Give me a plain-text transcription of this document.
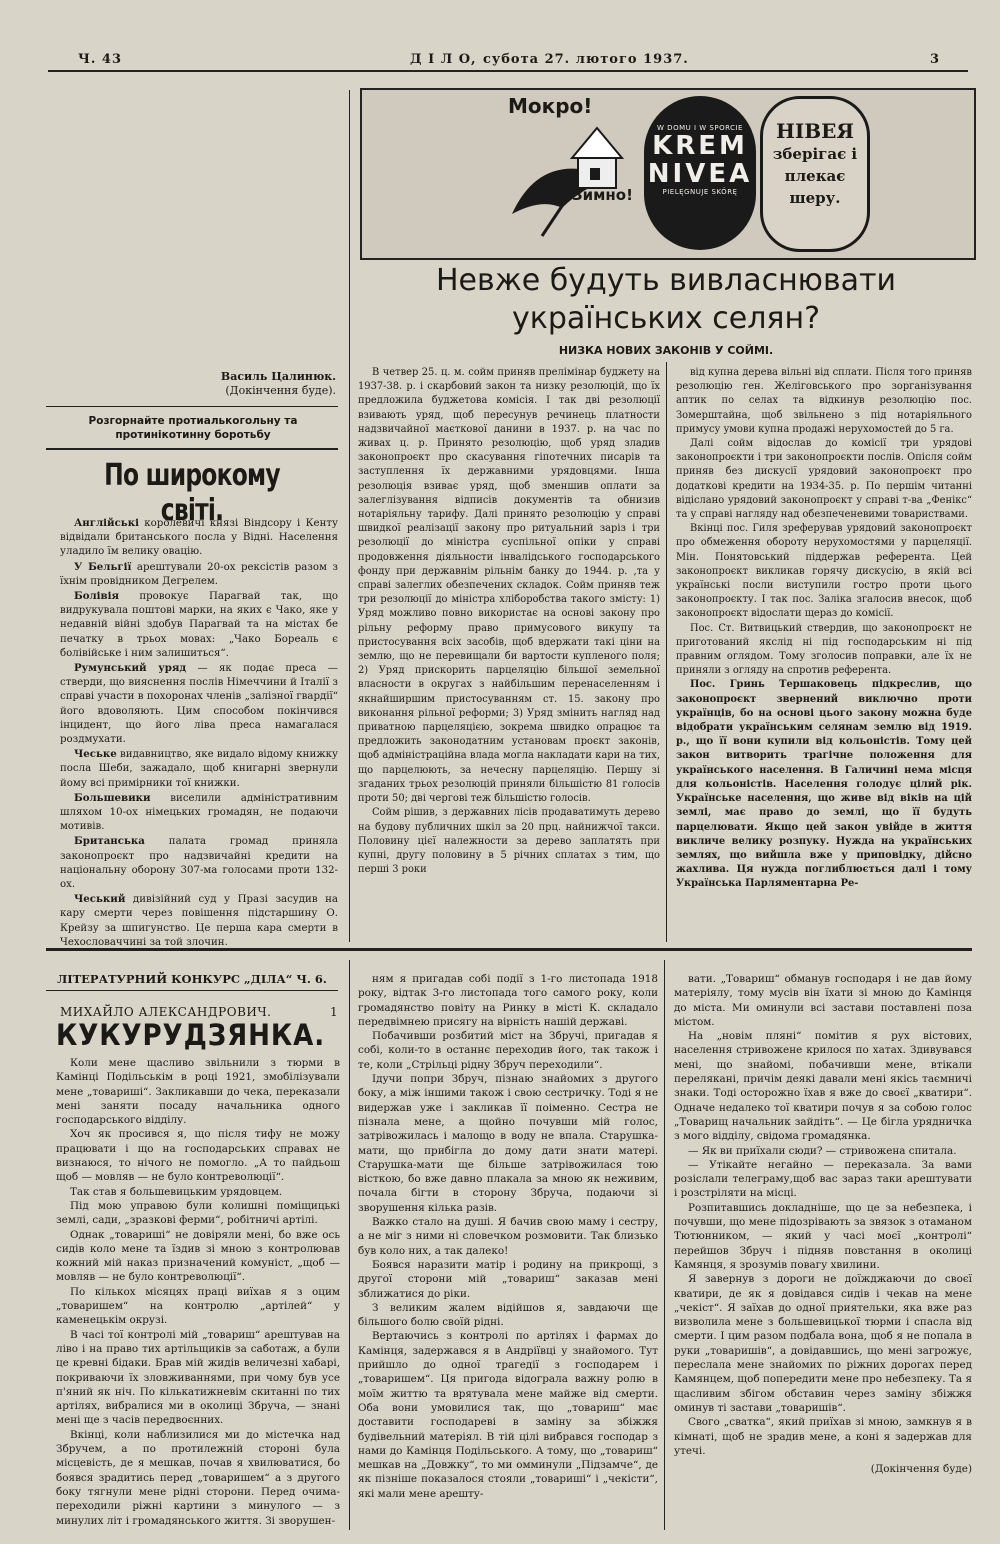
Ч. 43	Д І Л О, субота 27. лютого 1937.	3
Мокро!
Зимно!
W DOMU I W SPORCIE
KREM
NIVEA
PIELĘGNUJE SKÓRĘ
НІВЕЯ
зберігає і
плекає
шеру.
Невже будуть вивласнювати
українських селян?
НИЗКА НОВИХ ЗАКОНІВ У СОЙМІ.
Василь Цалинюк.
(Докінчення буде).
Розгорнайте протиалькогольну та протинікотинну боротьбу
По широкому світі.

Англійські королевичі князі Віндсору і Кенту відвідали британського посла у Відні. Населення уладило їм велику овацію.

У Бельгії арештували 20-ох рексістів разом з їхнім провідником Дегрелем.

Болівія провокує Парагвай так, що видрукувала поштові марки, на яких є Чако, яке у недавній війні здобув Парагвай та на містах бе печатку в трьох мовах: „Чако Бореаль є болівійське і ним залишиться“.

Румунський уряд — як подає преса — стверди, що вияснення послів Німеччини й Італії з справі участи в похоронах членів „залізної гвардії“ його вдоволяють. Цим способом покінчився інцидент, що його ліва преса намагалася роздмухати.

Чеське видавництво, яке видало відому книжку посла Шеби, зажадало, щоб книгарні звернули йому всі примірники тої книжки.

Большевики виселили адміністративним шляхом 10-ох німецьких громадян, не подаючи мотивів.

Британська палата громад приняла законопроєкт про надзвичайні кредити на національну оборону 307-ма голосами проти 132-ох.

Чеський дивізійний суд у Празі засудив на кару смерти через повішення підстаршину О. Крейзу за шпигунство. Це перша кара смерти в Чехословаччині за той злочин.

В четвер 25. ц. м. сойм приняв прелімінар буджету на 1937-38. р. і скарбовий закон та низку резолюцій, що їх предложила буджетова комісія. І так дві резолюції взивають уряд, щоб пересунув речинець платности надзвичайної маєткової данини в 1937. р. на час по живах ц. р. Принято резолюцію, щоб уряд зладив законопроєкт про скасування гіпотечних писарів та заступлення їх державними урядовцями. Інша резолюція взиває уряд, щоб зменшив оплати за залеглізування відписів документів та обнизив нотаріяльну тарифу. Далі принято резолюцію у справі швидкої реалізації закону про ритуальний заріз і три резолюції до міністра суспільної опіки у справі продовження діяльности інвалідського господарського фонду при державнім рільнім банку до 1944. р. ,та у справі залеглих обезпечених складок. Сойм приняв теж три резолюції до міністра хліборобства такого змісту: 1) Уряд можливо повно використає на основі закону про рільну реформу право примусового викупу та пристосування всіх засобів, щоб вдержати такі ціни на землю, що не перевищали би вартости купленого поля; 2) Уряд прискорить парцеляцію більшої земельної власности в округах з найбільшим перенаселенням і якнайширшим пристосуванням ст. 15. закону про виконання рільної реформи; 3) Уряд змінить нагляд над приватною парцеляцією, зокрема швидко опрацює та предложить законодатним установам проєкт законів, щоб адміністраційна влада могла накладати кари на тих, що парцелюють, за нечесну парцеляцію. Першу зі згаданих трьох резолюцій приняли більшістю 81 голосів проти 50; дві чергові теж більшістю голосів.

Сойм рішив, з державних лісів продаватимуть дерево на будову публичних шкіл за 20 прц. найнижчої такси. Половину цієї належности за дерево заплатять при купні, другу половину в 5 річних сплатах з тим, що перші 3 роки

від купна дерева вільні від сплати. Після того приняв резолюцію ген. Желіговського про зорганізування аптик по селах та відкинув резолюцію пос. Зомерштайна, щоб звільнено з під нотаріяльного примусу умови купна продажі нерухомостей до 5 га.

Далі сойм відослав до комісії три урядові законопроєкти і три законопроєкти послів. Опісля сойм приняв без дискусії урядовий законопроєкт про додаткові кредити на 1934-35. р. По першім читанні відіслано урядовий законопроєкт у справі т-ва „Фенікс“ та у справі нагляду над обезпеченевими товариствами.

Вкінці пос. Гиля зреферував урядовий законопроєкт про обмеження обороту нерухомостями у парцеляції. Мін. Понятовський піддержав референта. Цей законопроєкт викликав горячу дискусію, в якій всі українські посли виступили гостро проти цього законопроєкту. І так пос. Заліка згалосив внесок, щоб законопроєкт відослати щераз до комісії.

Пос. Ст. Витвицький ствердив, що законопроєкт не приготований якслід ні під господарським ні під правним оглядом. Тому зголосив поправки, але їх не приняли з огляду на спротив референта.

Пос. Гринь Тершаковець підкреслив, що законопроєкт звернений виключно проти українців, бо на основі цього закону можна буде відобрати українським селянам землю від 1919. р., що її вони купили від кольоністів. Тому цей закон витворить трагічне положення для українського населення. В Галичині нема місця для кольоністів. Населення голодує цілий рік. Українське населення, що живе від віків на цій землі, має право до землі, що її будуть парцелювати. Якщо цей закон увійде в життя викличе велику розпуку. Нужда на українських землях, що вийшла вже у приповідку, дійсно жахлива. Ця нужда поглиблюється далі і тому Українська Парляментарна Ре-

ЛІТЕРАТУРНИЙ КОНКУРС „ДІЛА“ Ч. 6.
МИХАЙЛО АЛЕКСАНДРОВИЧ.	1
КУКУРУДЗЯНКА.

Коли мене щасливо звільнили з тюрми в Камінці Подільськім в році 1921, змобілізували мене „товариші“. Закликавши до чека, переказали мені заняти посаду начальника одного господарського відділу.

Хоч як просився я, що після тифу не можу працювати і що на господарських справах не визнаюся, то нічого не помогло. „А то пайдьош щоб — мовляв — не було контреволюції“.

Так став я большевицьким урядовцем.

Під мою управою були колишні поміщицькі землі, сади, „зразкові ферми“, робітничі артілі.

Однак „товариші“ не довіряли мені, бо вже ось сидів коло мене та їздив зі мною з контролював кожний мій наказ призначений комуніст, „щоб — мовляв — не було контреволюції“.

По кількох місяцях праці виїхав я з оцим „товаришем“ на контролю „артілей“ у каменецькім окрузі.

В часі тої контролі мій „товариш“ арештував на ліво і на право тих артільщиків за саботаж, а були це кревні бідаки. Брав мій жидів величезні хабарі, покриваючи їх зловживаннями, при чому був усе п'яний як ніч. По кількатижневім скитанні по тих артілях, вибралися ми в околиці Збруча, — знані мені ще з часів передвоєнних.

Вкінці, коли наблизилися ми до містечка над Збручем, а по протилежній стороні була місцевість, де я мешкав, почав я хвилюватися, бо боявся зрадитись перед „товаришем“ а з другого боку тягнули мене рідні сторони. Перед очима-переходили ріжні картини з минулого — з минулих літ і громадянського життя. Зі зворушен-

ням я пригадав собі події з 1-го листопада 1918 року, відтак 3-го листопада того самого року, коли громадянство повіту на Ринку в місті К. складало передвімнею присягу на вірність нашій державі.

Побачивши розбитий міст на Збручі, пригадав я собі, коли-то в останнє переходив його, так також і те, коли „Стрільці рідну Збруч переходили“.

Ідучи попри Збруч, пізнаю знайомих з другого боку, а між іншими також і свою сестричку. Тоді я не видержав уже і закликав її поіменно. Сестра не пізнала мене, а щойно почувши мій голос, затрівожилась і малощо в воду не впала. Старушка-мати, що прибігла до дому дати знати матері. Старушка-мати ще більше затрівожилася тою вісткою, бо вже давно плакала за мною як неживим, почала бігти в сторону Збруча, подаючи зі зворушення кілька разів.

Важко стало на душі. Я бачив свою маму і сестру, а не міг з ними ні словечком розмовити. Так близько був коло них, а так далеко!

Боявся наразити матір і родину на прикрощі, з другої сторони мій „товариш“ заказав мені зближатися до ріки.

З великим жалем відійшов я, завдаючи ще більшого болю своїй рідні.

Вертаючись з контролі по артілях і фармах до Камінця, задержався я в Андріївці у знайомого. Тут прийшло до одної трагедії з господарем і „товаришем“. Ця пригода відограла важну ролю в моїм життю та врятувала мене майже від смерти. Оба вони умовилися так, що „товариш“ має доставити господареві в заміну за збіжжя будівельний матеріял. В тій цілі вибрався господар з нами до Камінця Подільського. А тому, що „товариш“ мешкав на „Довжку“, то ми омминули „Підзамче“, де як пізніше показалося стояли „товариші“ і „чекісти“, які мали мене арешту-

вати. „Товариш“ обманув господаря і не дав йому матеріялу, тому мусів він їхати зі мною до Камінця до міста. Ми оминули всі застави поставлені поза містом.

На „новім пляні“ помітив я рух вістових, населення стривожене крилося по хатах. Здивувався мені, що знайомі, побачивши мене, втікали перелякані, причім деякі давали мені якісь таємничі знаки. Тоді осторожно їхав я вже до своєї „кватири“. Одначе недалеко тої кватири почув я за собою голос „Товарищ начальник зайдіть“. — Це бігла урядничка з мого відділу, свідома громадянка.

— Як ви приїхали сюди? — стривожена спитала.

— Утікайте негайно — переказала. За вами розіслали телеграму,щоб вас зараз таки арештувати і розстріляти на місці.

Розпитавшись докладніше, що це за небезпека, і почувши, що мене підозрівають за звязок з отаманом Тютюнником, — який у часі моєї „контролі“ перейшов Збруч і підняв повстання в околиці Камянця, я зрозумів повагу хвилини.

Я завернув з дороги не доїжджаючи до своєї кватири, де як я довідався сидів і чекав на мене „чекіст“. Я заїхав до одної приятельки, яка вже раз визволила мене з большевицької тюрми і спасла від смерти. І цим разом подбала вона, щоб я не попала в руки „товаришів“, а довідавшись, що мені загрожує, переслала мене знайомих по ріжних дорогах перед Камянцем, щоб попередити мене про небезпеку. Та я щасливим збігом обставин через заміну збіжжя оминув ті застави „товаришів“.

Свого „сватка“, який приїхав зі мною, замкнув я в кімнаті, щоб не зрадив мене, а коні я задержав для утечі.

(Докінчення буде)
